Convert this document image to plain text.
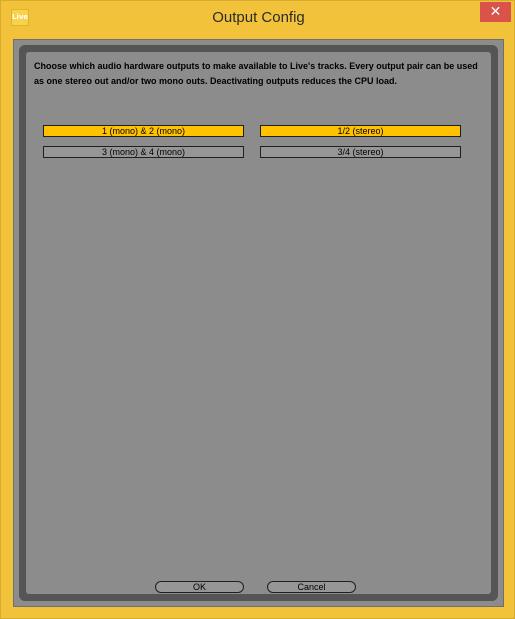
Live	Output Config	✕

Choose which audio hardware outputs to make available to Live's tracks. Every output pair can be used as one stereo out and/or two mono outs. Deactivating outputs reduces the CPU load.

1 (mono) & 2 (mono)	1/2 (stereo)
3 (mono) & 4 (mono)	3/4 (stereo)
OK	Cancel
